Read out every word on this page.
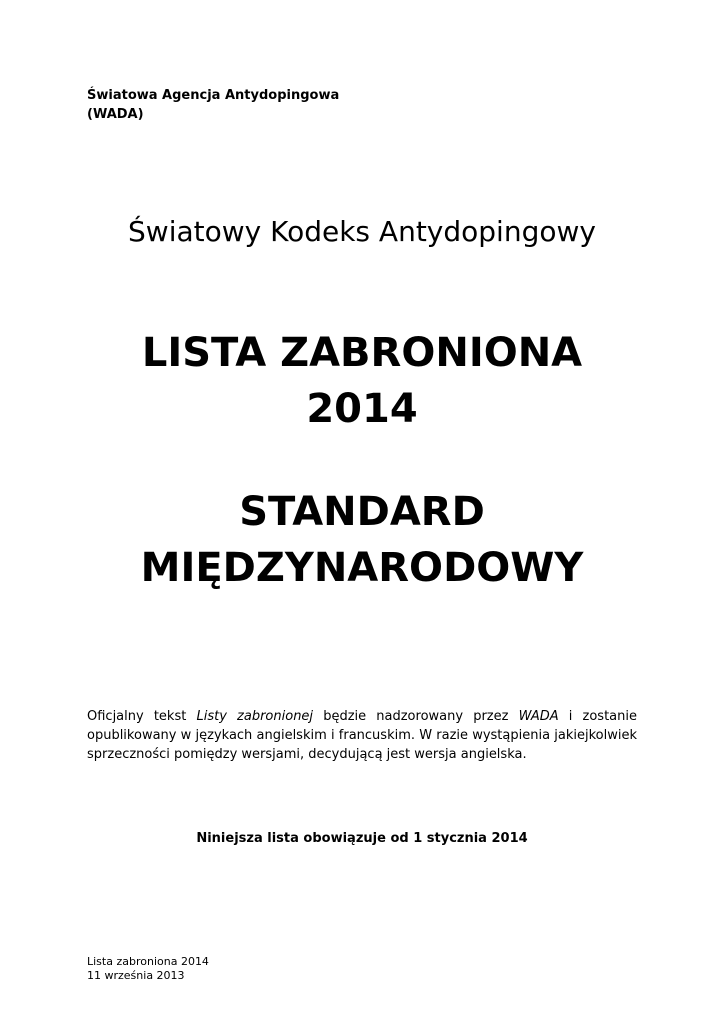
Światowa Agencja Antydopingowa
(WADA)
Światowy Kodeks Antydopingowy
LISTA ZABRONIONA
2014
STANDARD
MIĘDZYNARODOWY
Oficjalny tekst Listy zabronionej będzie nadzorowany przez WADA i zostanie opublikowany w językach angielskim i francuskim. W razie wystąpienia jakiejkolwiek sprzeczności pomiędzy wersjami, decydującą jest wersja angielska.
Niniejsza lista obowiązuje od 1 stycznia 2014
Lista zabroniona 2014
11 września 2013
